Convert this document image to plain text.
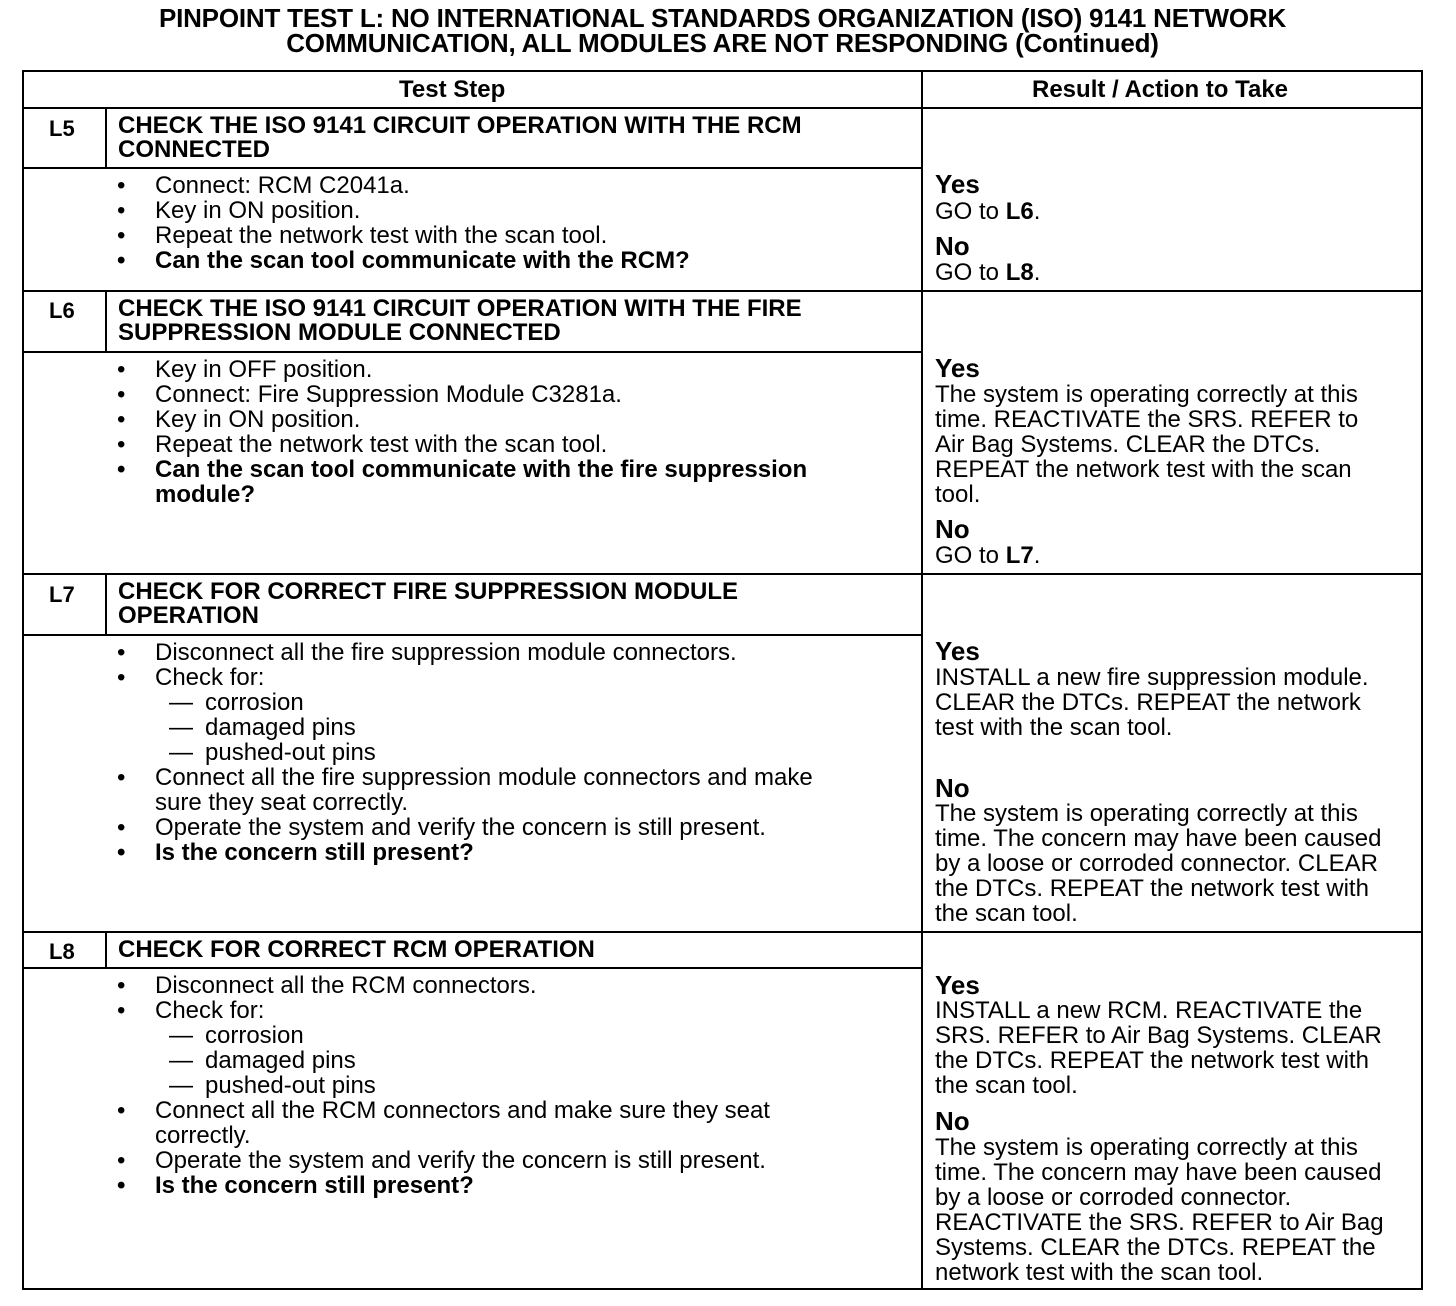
PINPOINT TEST L: NO INTERNATIONAL STANDARDS ORGANIZATION (ISO) 9141 NETWORK
COMMUNICATION, ALL MODULES ARE NOT RESPONDING (Continued)
Test Step	Result / Action to Take
L5 CHECK THE ISO 9141 CIRCUIT OPERATION WITH THE RCM CONNECTED
• Connect: RCM C2041a.
• Key in ON position.
• Repeat the network test with the scan tool.
• Can the scan tool communicate with the RCM?
Yes
GO to L6.
No
GO to L8.
L6 CHECK THE ISO 9141 CIRCUIT OPERATION WITH THE FIRE SUPPRESSION MODULE CONNECTED
• Key in OFF position.
• Connect: Fire Suppression Module C3281a.
• Key in ON position.
• Repeat the network test with the scan tool.
• Can the scan tool communicate with the fire suppression
module?
Yes
The system is operating correctly at this
time. REACTIVATE the SRS. REFER to
Air Bag Systems. CLEAR the DTCs.
REPEAT the network test with the scan
tool.
No
GO to L7.
L7 CHECK FOR CORRECT FIRE SUPPRESSION MODULE OPERATION
• Disconnect all the fire suppression module connectors.
• Check for:
— corrosion
— damaged pins
— pushed-out pins
• Connect all the fire suppression module connectors and make
sure they seat correctly.
• Operate the system and verify the concern is still present.
• Is the concern still present?
Yes
INSTALL a new fire suppression module.
CLEAR the DTCs. REPEAT the network
test with the scan tool.
No
The system is operating correctly at this
time. The concern may have been caused
by a loose or corroded connector. CLEAR
the DTCs. REPEAT the network test with
the scan tool.
L8 CHECK FOR CORRECT RCM OPERATION
• Disconnect all the RCM connectors.
• Check for:
— corrosion
— damaged pins
— pushed-out pins
• Connect all the RCM connectors and make sure they seat
correctly.
• Operate the system and verify the concern is still present.
• Is the concern still present?
Yes
INSTALL a new RCM. REACTIVATE the
SRS. REFER to Air Bag Systems. CLEAR
the DTCs. REPEAT the network test with
the scan tool.
No
The system is operating correctly at this
time. The concern may have been caused
by a loose or corroded connector.
REACTIVATE the SRS. REFER to Air Bag
Systems. CLEAR the DTCs. REPEAT the
network test with the scan tool.
